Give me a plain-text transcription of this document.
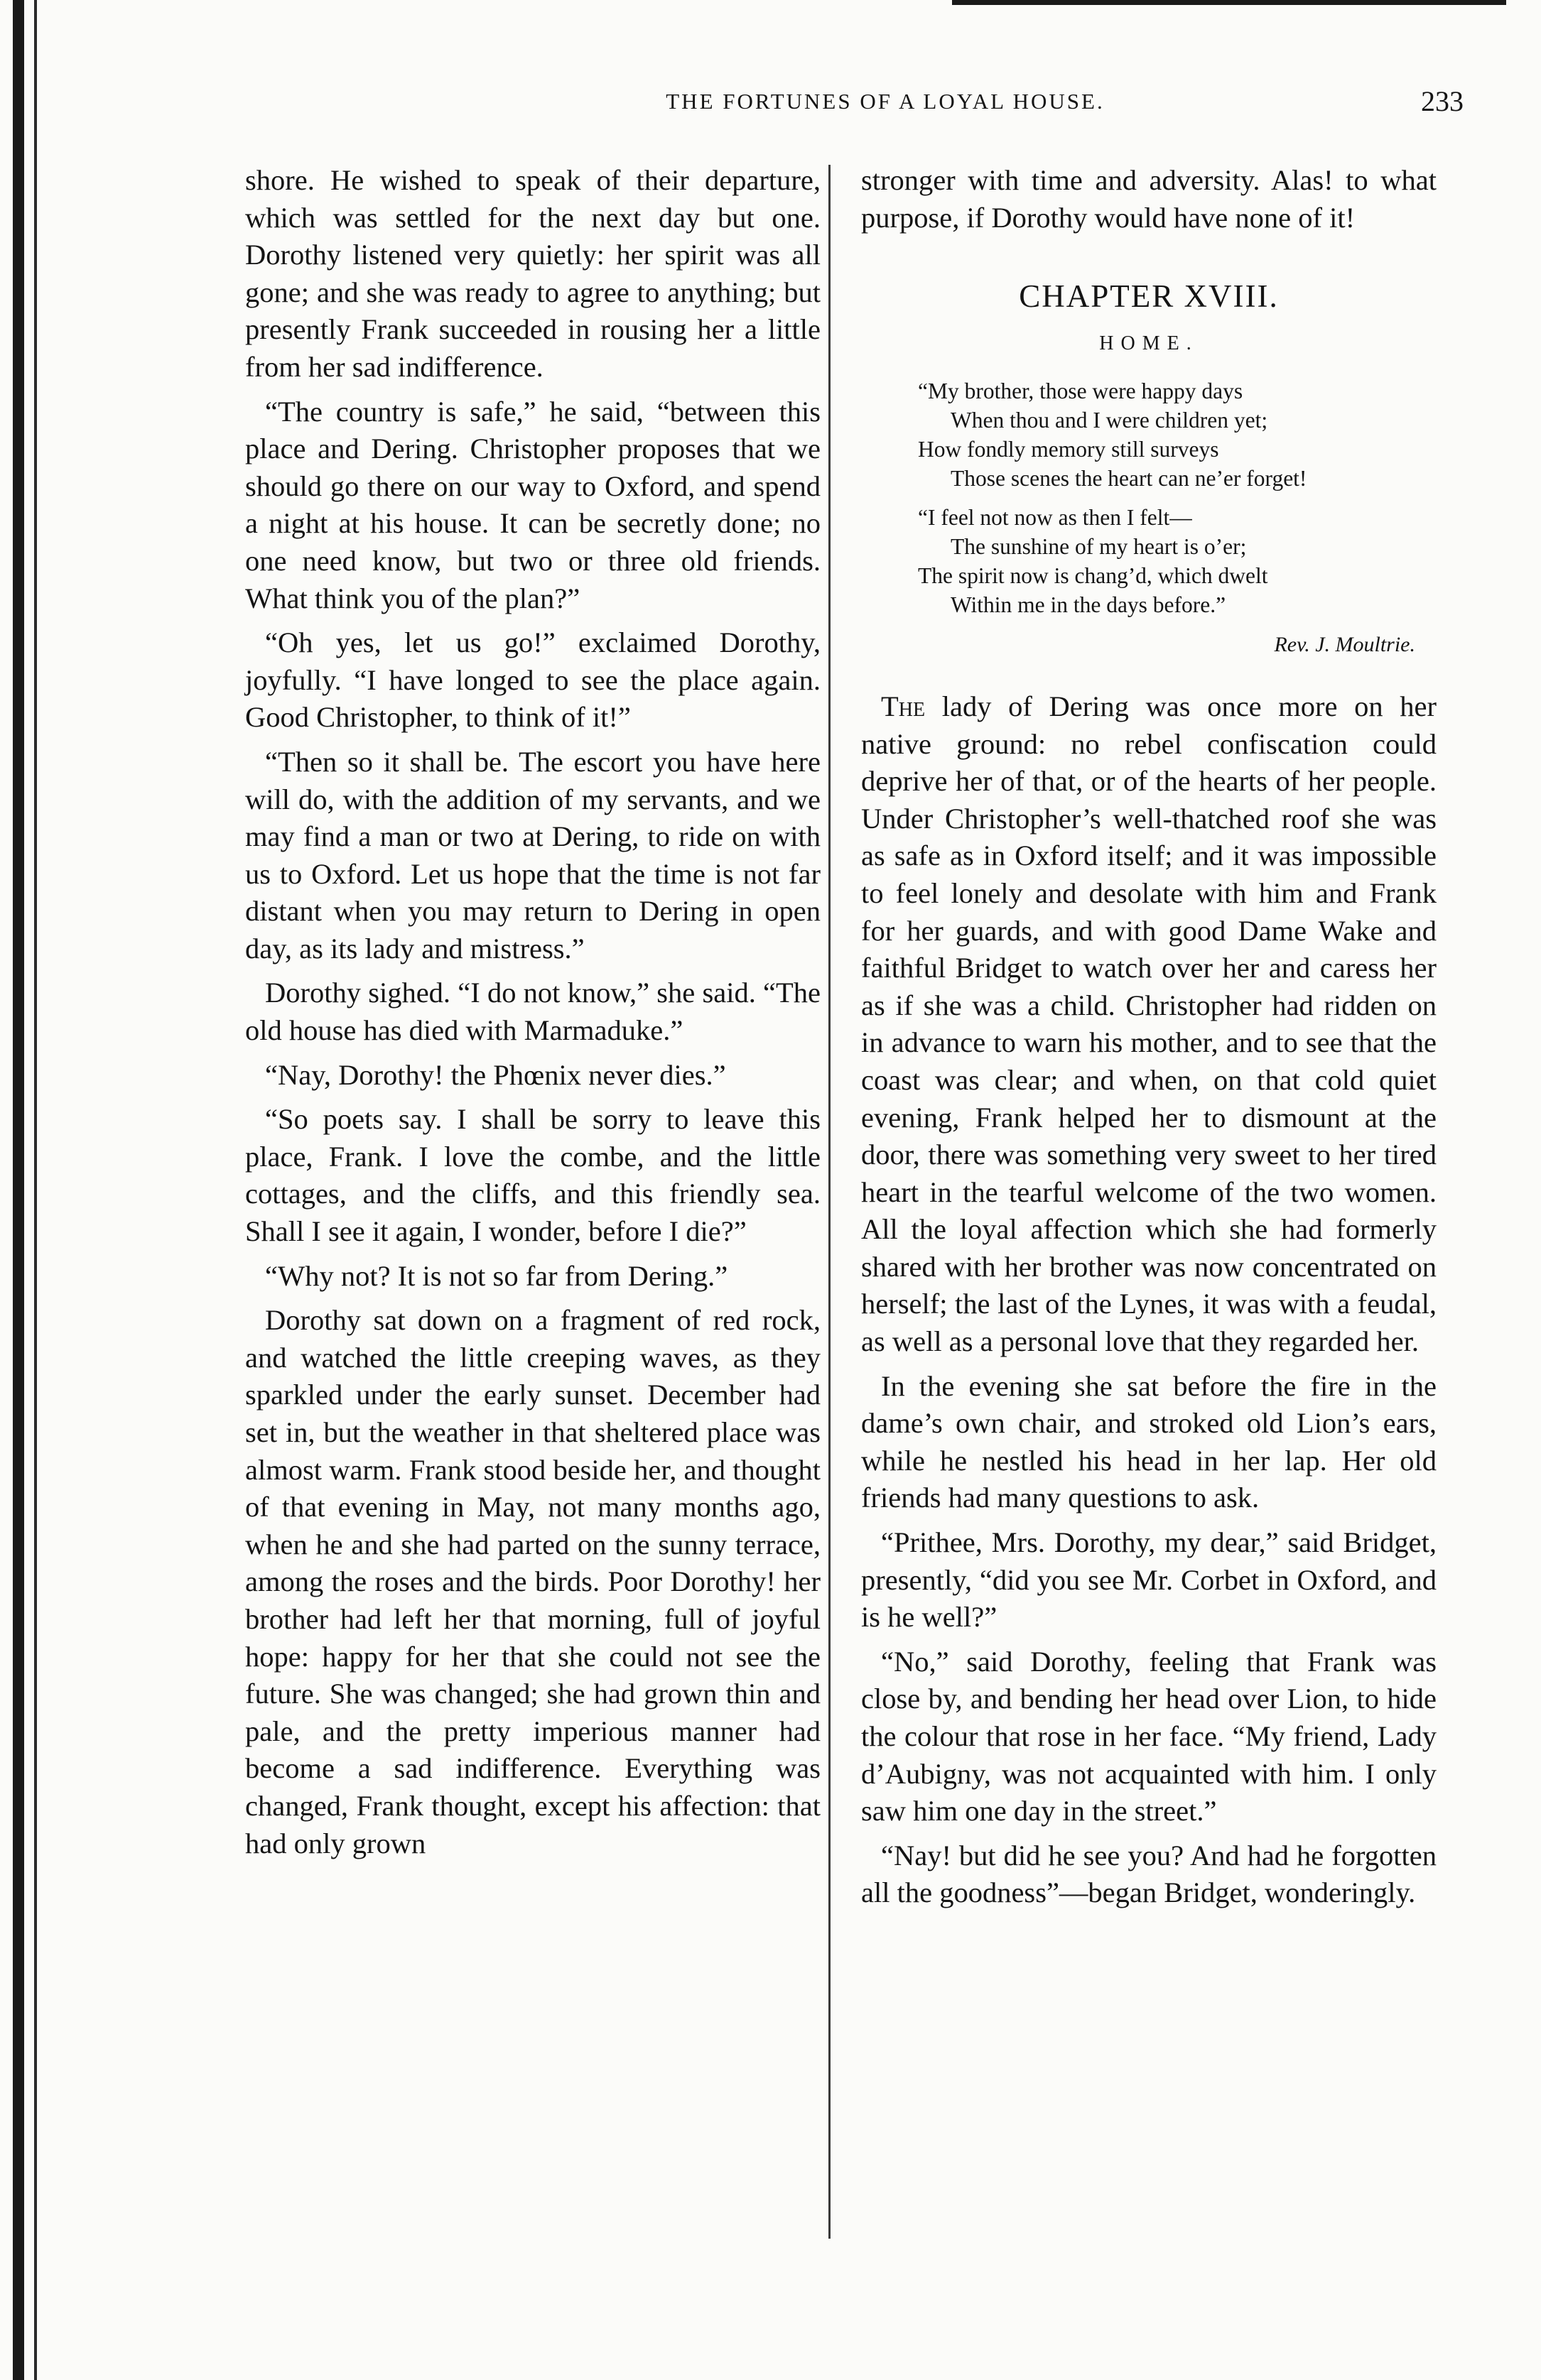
THE FORTUNES OF A LOYAL HOUSE.	233

shore. He wished to speak of their departure, which was settled for the next day but one. Dorothy listened very quietly: her spirit was all gone; and she was ready to agree to anything; but presently Frank succeeded in rousing her a little from her sad indifference.

“The country is safe,” he said, “between this place and Dering. Christopher proposes that we should go there on our way to Oxford, and spend a night at his house. It can be secretly done; no one need know, but two or three old friends. What think you of the plan?”

“Oh yes, let us go!” exclaimed Dorothy, joyfully. “I have longed to see the place again. Good Christopher, to think of it!”

“Then so it shall be. The escort you have here will do, with the addition of my servants, and we may find a man or two at Dering, to ride on with us to Oxford. Let us hope that the time is not far distant when you may return to Dering in open day, as its lady and mistress.”

Dorothy sighed. “I do not know,” she said. “The old house has died with Marmaduke.”

“Nay, Dorothy! the Phœnix never dies.”

“So poets say. I shall be sorry to leave this place, Frank. I love the combe, and the little cottages, and the cliffs, and this friendly sea. Shall I see it again, I wonder, before I die?”

“Why not? It is not so far from Dering.”

Dorothy sat down on a fragment of red rock, and watched the little creeping waves, as they sparkled under the early sunset. December had set in, but the weather in that sheltered place was almost warm. Frank stood beside her, and thought of that evening in May, not many months ago, when he and she had parted on the sunny terrace, among the roses and the birds. Poor Dorothy! her brother had left her that morning, full of joyful hope: happy for her that she could not see the future. She was changed; she had grown thin and pale, and the pretty imperious manner had become a sad indifference. Everything was changed, Frank thought, except his affection: that had only grown

stronger with time and adversity. Alas! to what purpose, if Dorothy would have none of it!

CHAPTER XVIII.
HOME.
“My brother, those were happy days
When thou and I were children yet;
How fondly memory still surveys
Those scenes the heart can ne’er forget!
“I feel not now as then I felt—
The sunshine of my heart is o’er;
The spirit now is chang’d, which dwelt
Within me in the days before.”
Rev. J. Moultrie.

The lady of Dering was once more on her native ground: no rebel confiscation could deprive her of that, or of the hearts of her people. Under Christopher’s well-thatched roof she was as safe as in Oxford itself; and it was impossible to feel lonely and desolate with him and Frank for her guards, and with good Dame Wake and faithful Bridget to watch over her and caress her as if she was a child. Christopher had ridden on in advance to warn his mother, and to see that the coast was clear; and when, on that cold quiet evening, Frank helped her to dismount at the door, there was something very sweet to her tired heart in the tearful welcome of the two women. All the loyal affection which she had formerly shared with her brother was now concentrated on herself; the last of the Lynes, it was with a feudal, as well as a personal love that they regarded her.

In the evening she sat before the fire in the dame’s own chair, and stroked old Lion’s ears, while he nestled his head in her lap. Her old friends had many questions to ask.

“Prithee, Mrs. Dorothy, my dear,” said Bridget, presently, “did you see Mr. Corbet in Oxford, and is he well?”

“No,” said Dorothy, feeling that Frank was close by, and bending her head over Lion, to hide the colour that rose in her face. “My friend, Lady d’Aubigny, was not acquainted with him. I only saw him one day in the street.”

“Nay! but did he see you? And had he forgotten all the goodness”—began Bridget, wonderingly.
